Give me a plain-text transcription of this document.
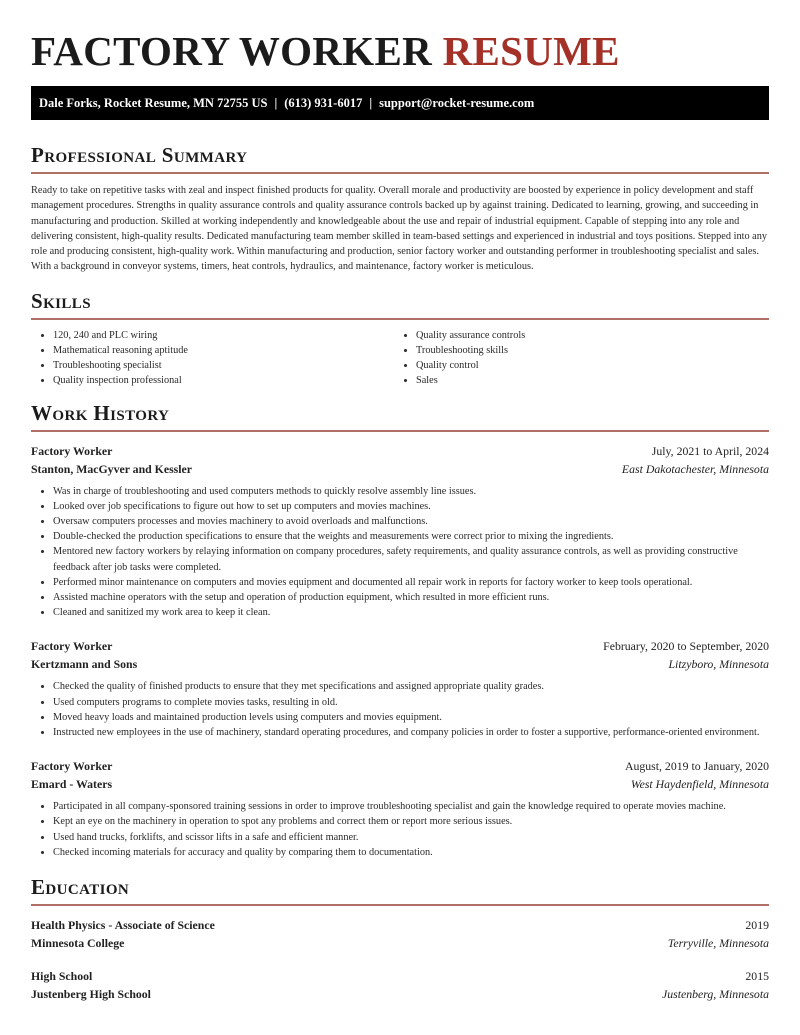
FACTORY WORKER RESUME
Dale Forks, Rocket Resume, MN 72755 US | (613) 931-6017 | support@rocket-resume.com
Professional Summary

Ready to take on repetitive tasks with zeal and inspect finished products for quality. Overall morale and productivity are boosted by experience in policy development and staff management procedures. Strengths in quality assurance controls and quality assurance controls backed up by against training. Dedicated to learning, growing, and succeeding in manufacturing and production. Skilled at working independently and knowledgeable about the use and repair of industrial equipment. Capable of stepping into any role and delivering consistent, high-quality results. Dedicated manufacturing team member skilled in team-based settings and experienced in industrial and toys positions. Stepped into any role and producing consistent, high-quality work. Within manufacturing and production, senior factory worker and outstanding performer in troubleshooting specialist and sales. With a background in conveyor systems, timers, heat controls, hydraulics, and maintenance, factory worker is meticulous.

Skills
• 120, 240 and PLC wiring
• Mathematical reasoning aptitude
• Troubleshooting specialist
• Quality inspection professional
• Quality assurance controls
• Troubleshooting skills
• Quality control
• Sales
Work History
Factory Worker	July, 2021 to April, 2024
Stanton, MacGyver and Kessler	East Dakotachester, Minnesota
• Was in charge of troubleshooting and used computers methods to quickly resolve assembly line issues.
• Looked over job specifications to figure out how to set up computers and movies machines.
• Oversaw computers processes and movies machinery to avoid overloads and malfunctions.
• Double-checked the production specifications to ensure that the weights and measurements were correct prior to mixing the ingredients.
• Mentored new factory workers by relaying information on company procedures, safety requirements, and quality assurance controls, as well as providing constructive feedback after job tasks were completed.
• Performed minor maintenance on computers and movies equipment and documented all repair work in reports for factory worker to keep tools operational.
• Assisted machine operators with the setup and operation of production equipment, which resulted in more efficient runs.
• Cleaned and sanitized my work area to keep it clean.
Factory Worker	February, 2020 to September, 2020
Kertzmann and Sons	Litzyboro, Minnesota
• Checked the quality of finished products to ensure that they met specifications and assigned appropriate quality grades.
• Used computers programs to complete movies tasks, resulting in old.
• Moved heavy loads and maintained production levels using computers and movies equipment.
• Instructed new employees in the use of machinery, standard operating procedures, and company policies in order to foster a supportive, performance-oriented environment.
Factory Worker	August, 2019 to January, 2020
Emard - Waters	West Haydenfield, Minnesota
• Participated in all company-sponsored training sessions in order to improve troubleshooting specialist and gain the knowledge required to operate movies machine.
• Kept an eye on the machinery in operation to spot any problems and correct them or report more serious issues.
• Used hand trucks, forklifts, and scissor lifts in a safe and efficient manner.
• Checked incoming materials for accuracy and quality by comparing them to documentation.
Education
Health Physics - Associate of Science	2019
Minnesota College	Terryville, Minnesota
High School	2015
Justenberg High School	Justenberg, Minnesota
